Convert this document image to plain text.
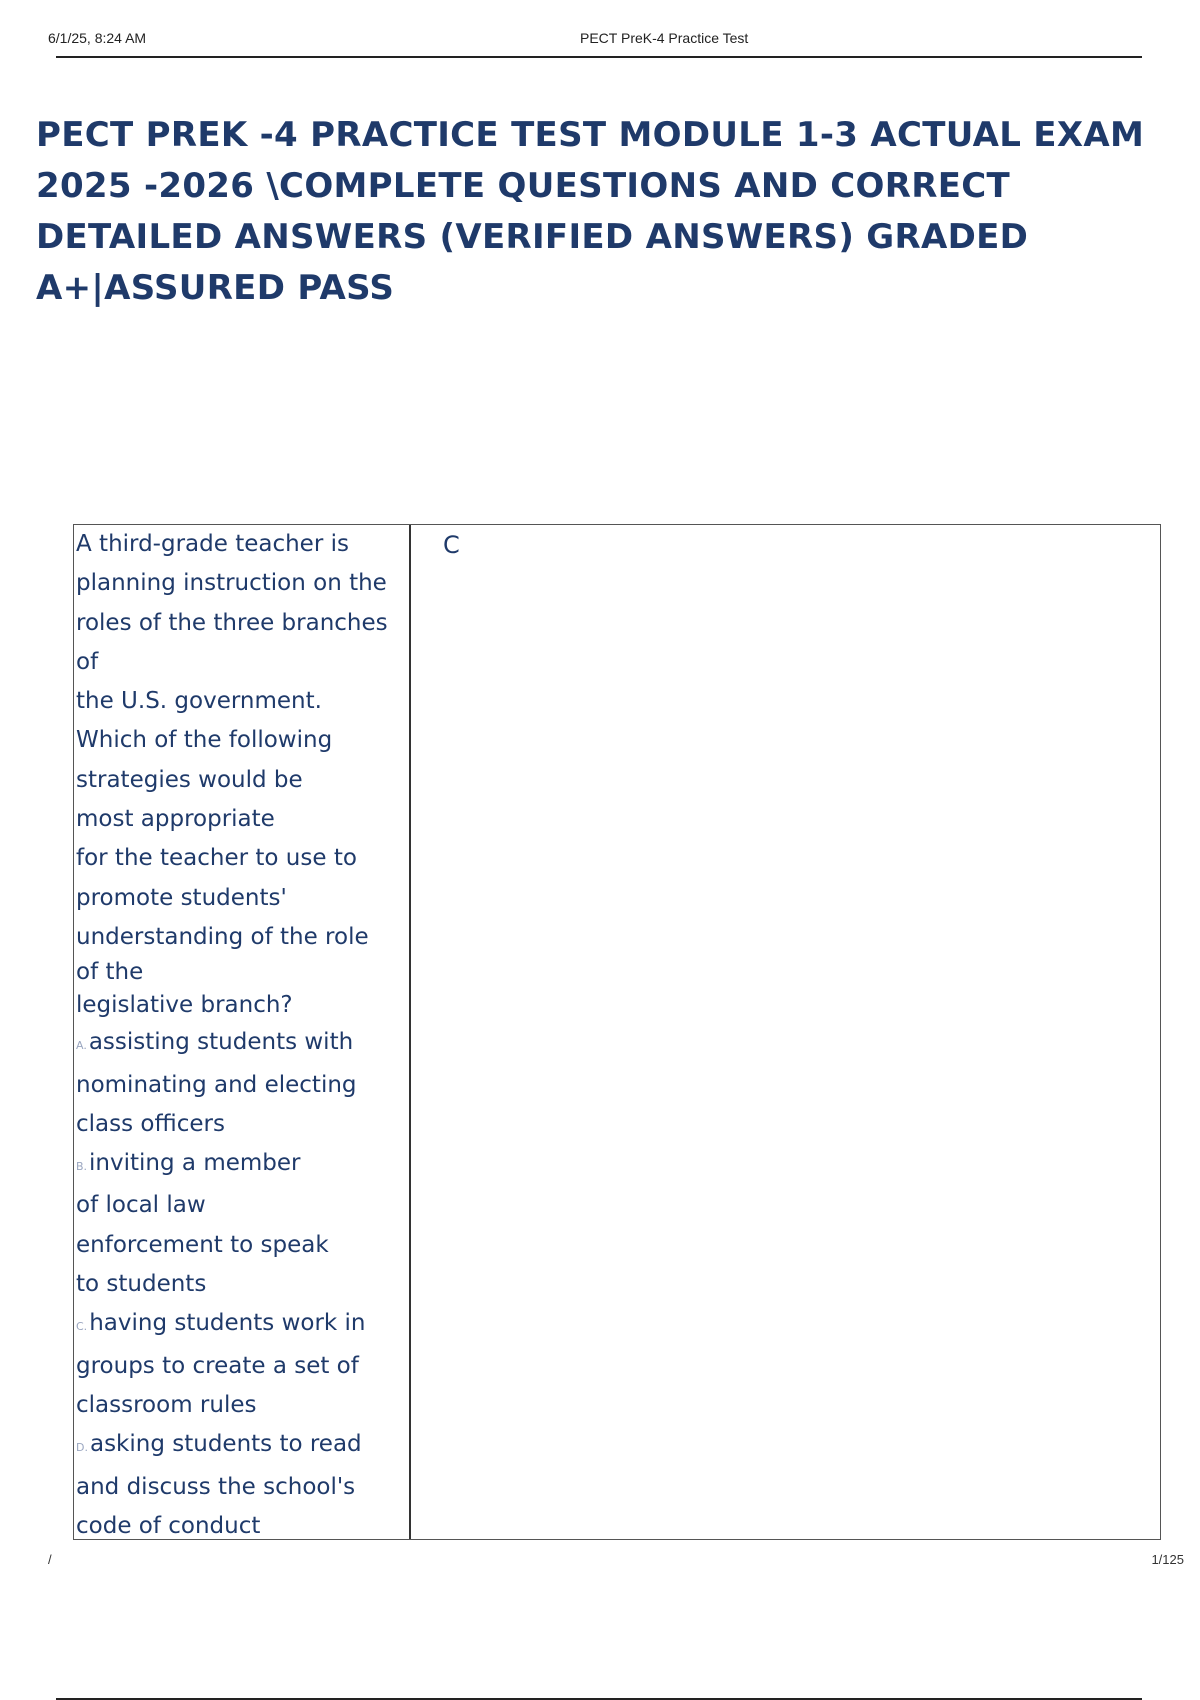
6/1/25, 8:24 AM	PECT PreK-4 Practice Test
PECT PREK -4 PRACTICE TEST MODULE 1-3 ACTUAL EXAM 2025 -2026 \COMPLETE QUESTIONS AND CORRECT DETAILED ANSWERS (VERIFIED ANSWERS) GRADED A+|ASSURED PASS
A third-grade teacher is
planning instruction on the
roles of the three branches
of
the U.S. government.
Which of the following
strategies would be
most appropriate
for the teacher to use to
promote students'
understanding of the role
of the
legislative branch?
A.assisting students with
nominating and electing
class officers
B.inviting a member
of local law
enforcement to speak
to students
C.having students work in
groups to create a set of
classroom rules
D.asking students to read
and discuss the school's
code of conduct
C
/	1/125
